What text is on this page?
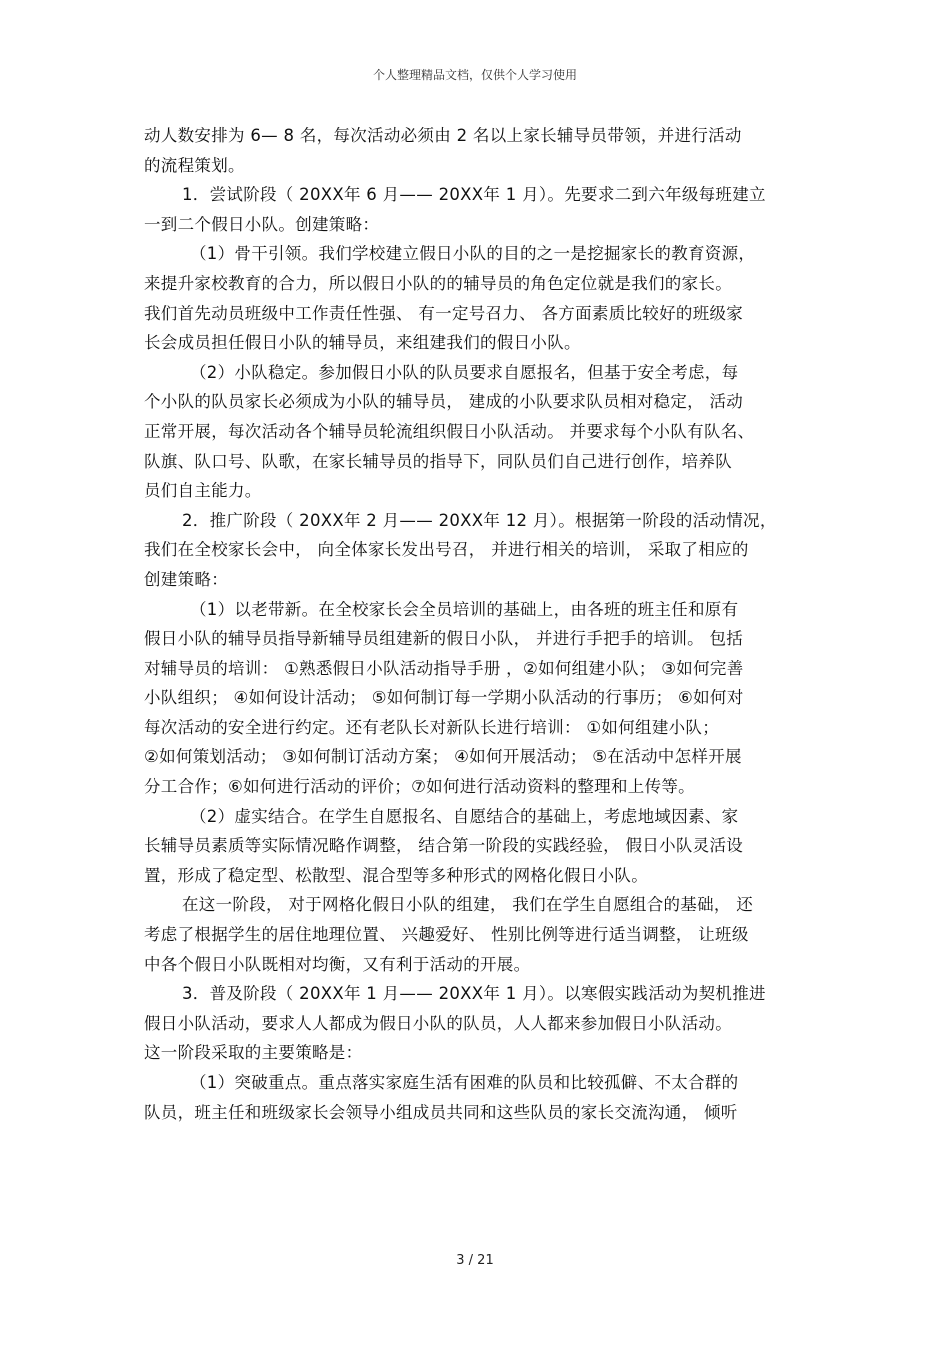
个人整理精品文档，仅供个人学习使用
动人数安排为 6— 8 名，每次活动必须由 2 名以上家长辅导员带领，并进行活动
的流程策划。
1．尝试阶段（ 20XX年 6 月—— 20XX年 1 月）。先要求二到六年级每班建立
一到二个假日小队。创建策略：
（1）骨干引领。我们学校建立假日小队的目的之一是挖掘家长的教育资源，
来提升家校教育的合力，所以假日小队的的辅导员的角色定位就是我们的家长。
我们首先动员班级中工作责任性强、 有一定号召力、 各方面素质比较好的班级家
长会成员担任假日小队的辅导员，来组建我们的假日小队。
（2）小队稳定。参加假日小队的队员要求自愿报名，但基于安全考虑，每
个小队的队员家长必须成为小队的辅导员， 建成的小队要求队员相对稳定， 活动
正常开展，每次活动各个辅导员轮流组织假日小队活动。 并要求每个小队有队名、
队旗、队口号、队歌，在家长辅导员的指导下，同队员们自己进行创作，培养队
员们自主能力。
2．推广阶段（ 20XX年 2 月—— 20XX年 12 月）。根据第一阶段的活动情况，
我们在全校家长会中， 向全体家长发出号召， 并进行相关的培训， 采取了相应的
创建策略：
（1）以老带新。在全校家长会全员培训的基础上，由各班的班主任和原有
假日小队的辅导员指导新辅导员组建新的假日小队， 并进行手把手的培训。 包括
对辅导员的培训： ①熟悉假日小队活动指导手册 ，②如何组建小队； ③如何完善
小队组织； ④如何设计活动； ⑤如何制订每一学期小队活动的行事历； ⑥如何对
每次活动的安全进行约定。还有老队长对新队长进行培训： ①如何组建小队；
②如何策划活动； ③如何制订活动方案； ④如何开展活动； ⑤在活动中怎样开展
分工合作；⑥如何进行活动的评价；⑦如何进行活动资料的整理和上传等。
（2）虚实结合。在学生自愿报名、自愿结合的基础上，考虑地域因素、家
长辅导员素质等实际情况略作调整， 结合第一阶段的实践经验， 假日小队灵活设
置，形成了稳定型、松散型、混合型等多种形式的网格化假日小队。
在这一阶段， 对于网格化假日小队的组建， 我们在学生自愿组合的基础， 还
考虑了根据学生的居住地理位置、 兴趣爱好、 性别比例等进行适当调整， 让班级
中各个假日小队既相对均衡，又有利于活动的开展。
3．普及阶段（ 20XX年 1 月—— 20XX年 1 月）。以寒假实践活动为契机推进
假日小队活动，要求人人都成为假日小队的队员，人人都来参加假日小队活动。
这一阶段采取的主要策略是：
（1）突破重点。重点落实家庭生活有困难的队员和比较孤僻、不太合群的
队员，班主任和班级家长会领导小组成员共同和这些队员的家长交流沟通， 倾听
3 / 21
